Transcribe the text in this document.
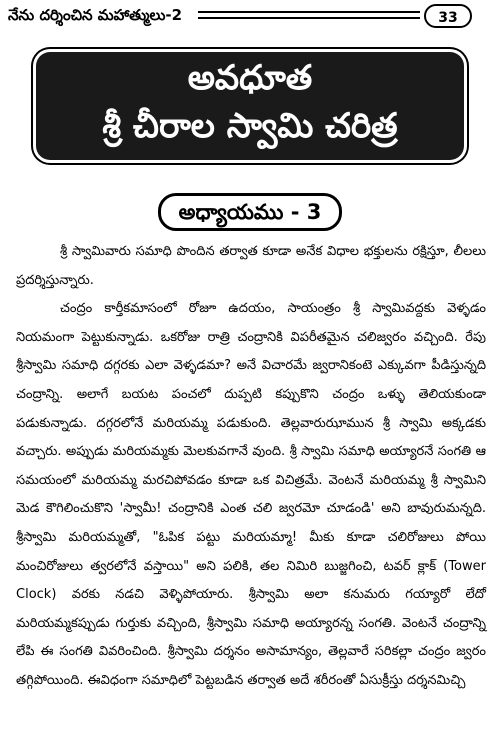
నేను దర్శించిన మహాత్ములు-2	33
అవధూత
శ్రీ చీరాల స్వామి చరిత్ర
అధ్యాయము - 3

శ్రీ స్వామివారు సమాధి పొందిన తర్వాత కూడా అనేక విధాల భక్తులను రక్షిస్తూ, లీలలు ప్రదర్శిస్తున్నారు.

చంద్రం కార్తీకమాసంలో రోజూ ఉదయం, సాయంత్రం శ్రీ స్వామివద్దకు వెళ్ళడం నియమంగా పెట్టుకున్నాడు. ఒకరోజు రాత్రి చంద్రానికి విపరీతమైన చలిజ్వరం వచ్చింది. రేపు శ్రీస్వామి సమాధి దగ్గరకు ఎలా వెళ్ళడమా? అనే విచారమే జ్వరానికంటె ఎక్కువగా పీడిస్తున్నది చంద్రాన్ని. అలాగే బయట పంచలో దుప్పటి కప్పుకొని చంద్రం ఒళ్ళు తెలియకుండా పడుకున్నాడు. దగ్గరలోనే మరియమ్మ పడుకుంది. తెల్లవారుఝామున శ్రీ స్వామి అక్కడకు వచ్చారు. అప్పుడు మరియమ్మకు మెలకువగానే వుంది. శ్రీ స్వామి సమాధి అయ్యారనే సంగతి ఆ సమయంలో మరియమ్మ మరచిపోవడం కూడా ఒక విచిత్రమే. వెంటనే మరియమ్మ శ్రీ స్వామిని మెడ కౌగిలించుకొని 'స్వామీ! చంద్రానికి ఎంత చలి జ్వరమో చూడండి' అని బావురుమన్నది. శ్రీస్వామి మరియమ్మతో, "ఓపిక పట్టు మరియమ్మా! మీకు కూడా చలిరోజులు పోయి మంచిరోజులు త్వరలోనే వస్తాయి" అని పలికి, తల నిమిరి బుజ్జగించి, టవర్ క్లాక్ (Tower Clock) వరకు నడచి వెళ్ళిపోయారు. శ్రీస్వామి అలా కనుమరు గయ్యారో లేదో మరియమ్మకప్పుడు గుర్తుకు వచ్చింది, శ్రీస్వామి సమాధి అయ్యారన్న సంగతి. వెంటనే చంద్రాన్ని లేపి ఈ సంగతి వివరించింది. శ్రీస్వామి దర్శనం అసామాన్యం, తెల్లవారే సరికల్లా చంద్రం జ్వరం తగ్గిపోయింది. ఈవిధంగా సమాధిలో పెట్టబడిన తర్వాత అదే శరీరంతో ఏసుక్రీస్తు దర్శనమిచ్చి
